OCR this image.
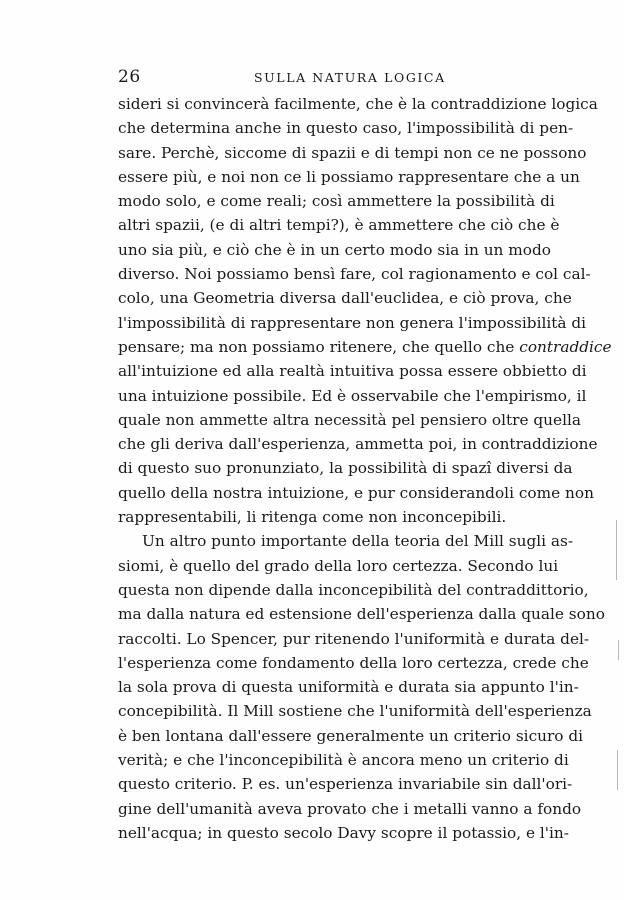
26	SULLA NATURA LOGICA
sideri si convincerà facilmente, che è la contraddizione logica
che determina anche in questo caso, l'impossibilità di pen-
sare. Perchè, siccome di spazii e di tempi non ce ne possono
essere più, e noi non ce li possiamo rappresentare che a un
modo solo, e come reali; così ammettere la possibilità di
altri spazii, (e di altri tempi?), è ammettere che ciò che è
uno sia più, e ciò che è in un certo modo sia in un modo
diverso. Noi possiamo bensì fare, col ragionamento e col cal-
colo, una Geometria diversa dall'euclidea, e ciò prova, che
l'impossibilità di rappresentare non genera l'impossibilità di
pensare; ma non possiamo ritenere, che quello che contraddice
all'intuizione ed alla realtà intuitiva possa essere obbietto di
una intuizione possibile. Ed è osservabile che l'empirismo, il
quale non ammette altra necessità pel pensiero oltre quella
che gli deriva dall'esperienza, ammetta poi, in contraddizione
di questo suo pronunziato, la possibilità di spazî diversi da
quello della nostra intuizione, e pur considerandoli come non
rappresentabili, li ritenga come non inconcepibili.
Un altro punto importante della teoria del Mill sugli as-
siomi, è quello del grado della loro certezza. Secondo lui
questa non dipende dalla inconcepibilità del contraddittorio,
ma dalla natura ed estensione dell'esperienza dalla quale sono
raccolti. Lo Spencer, pur ritenendo l'uniformità e durata del-
l'esperienza come fondamento della loro certezza, crede che
la sola prova di questa uniformità e durata sia appunto l'in-
concepibilità. Il Mill sostiene che l'uniformità dell'esperienza
è ben lontana dall'essere generalmente un criterio sicuro di
verità; e che l'inconcepibilità è ancora meno un criterio di
questo criterio. P. es. un'esperienza invariabile sin dall'ori-
gine dell'umanità aveva provato che i metalli vanno a fondo
nell'acqua; in questo secolo Davy scopre il potassio, e l'in-
